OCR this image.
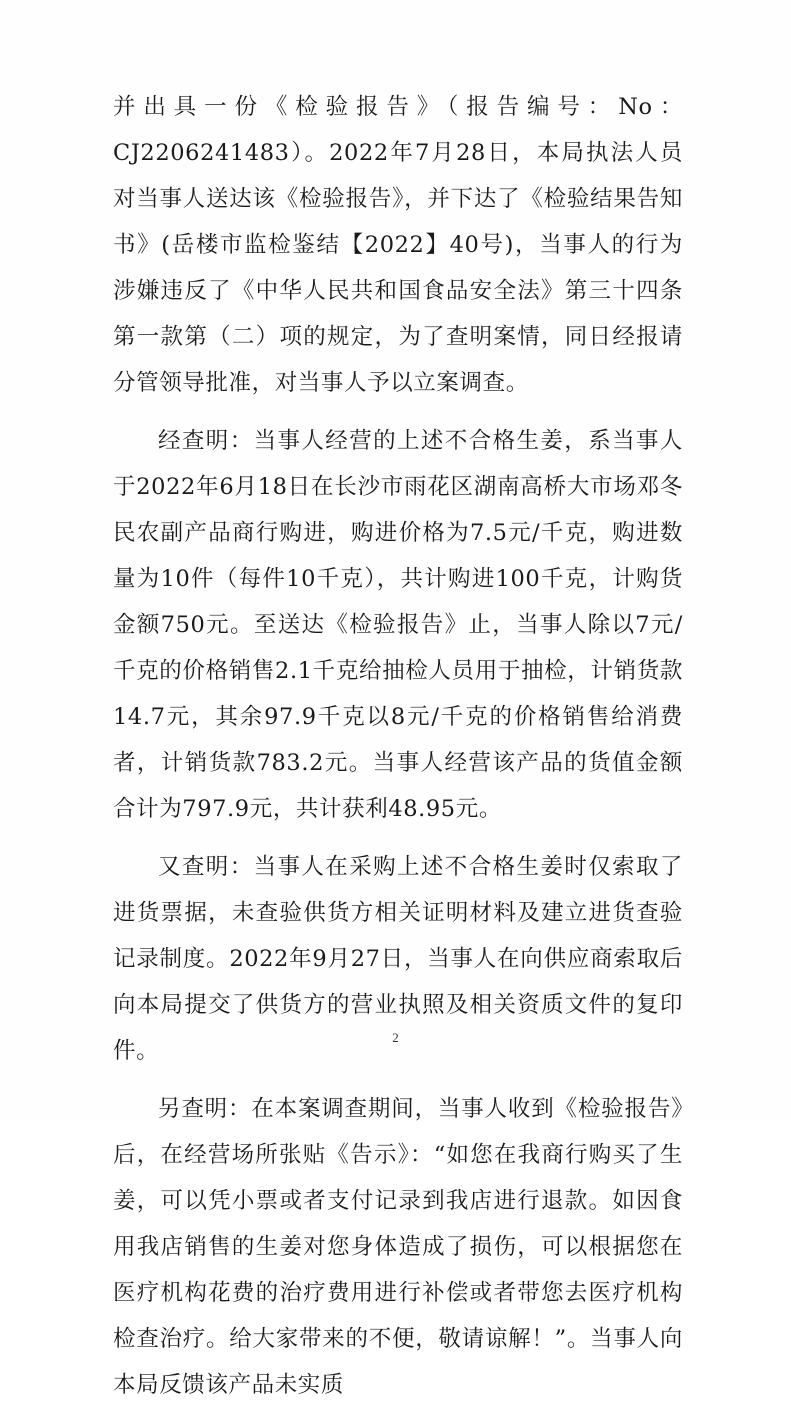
并出具一份《检验报告》（报告编号：No：CJ2206241483）。2022年7月28日，本局执法人员对当事人送达该《检验报告》，并下达了《检验结果告知书》(岳楼市监检鉴结【2022】40号)，当事人的行为涉嫌违反了《中华人民共和国食品安全法》第三十四条第一款第（二）项的规定，为了查明案情，同日经报请分管领导批准，对当事人予以立案调查。

经查明：当事人经营的上述不合格生姜，系当事人于2022年6月18日在长沙市雨花区湖南高桥大市场邓冬民农副产品商行购进，购进价格为7.5元/千克，购进数量为10件（每件10千克），共计购进100千克，计购货金额750元。至送达《检验报告》止，当事人除以7元/千克的价格销售2.1千克给抽检人员用于抽检，计销货款14.7元，其余97.9千克以8元/千克的价格销售给消费者，计销货款783.2元。当事人经营该产品的货值金额合计为797.9元，共计获利48.95元。

又查明：当事人在采购上述不合格生姜时仅索取了进货票据，未查验供货方相关证明材料及建立进货查验记录制度。2022年9月27日，当事人在向供应商索取后向本局提交了供货方的营业执照及相关资质文件的复印件。

另查明：在本案调查期间，当事人收到《检验报告》后，在经营场所张贴《告示》：“如您在我商行购买了生姜，可以凭小票或者支付记录到我店进行退款。如因食用我店销售的生姜对您身体造成了损伤，可以根据您在医疗机构花费的治疗费用进行补偿或者带您去医疗机构检查治疗。给大家带来的不便，敬请谅解！”。当事人向本局反馈该产品未实质

2
